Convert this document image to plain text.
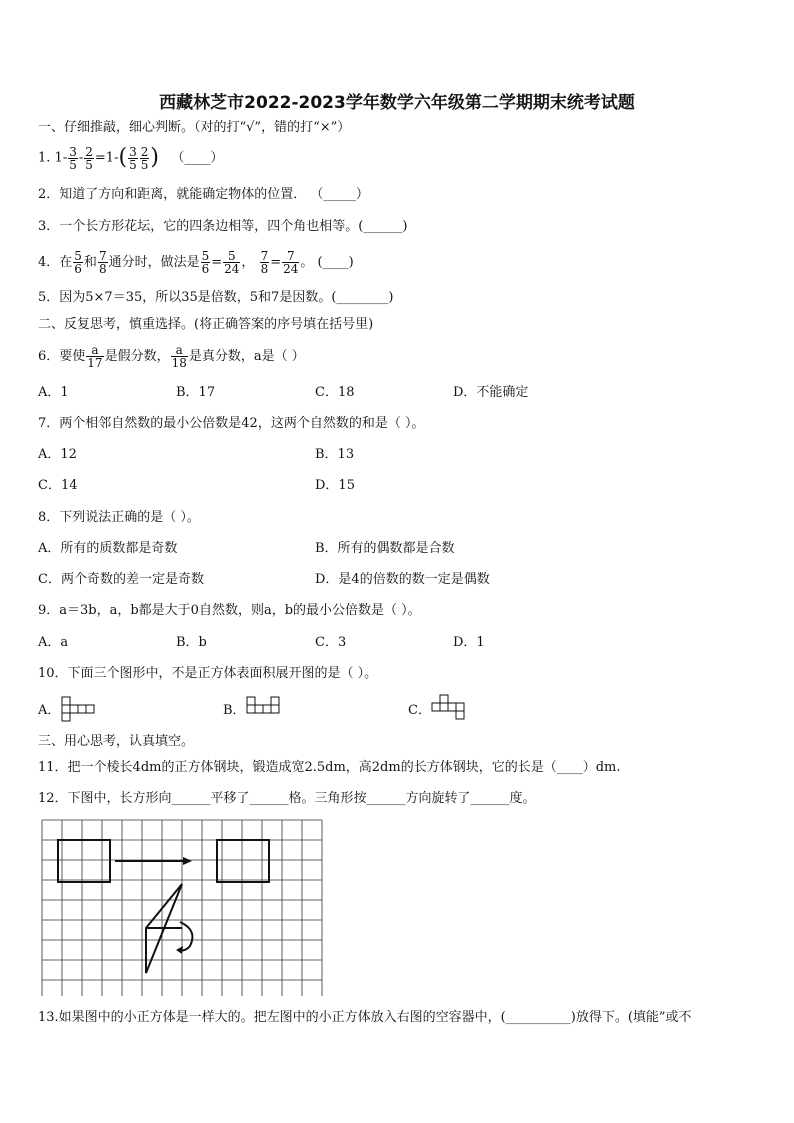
西藏林芝市2022-2023学年数学六年级第二学期期末统考试题
一、仔细推敲，细心判断。（对的打“√”，错的打“×”）
1. $1- \frac{3}{5} - \frac{2}{5} =1-( \frac{3}{5} \frac{2}{5}$ ) （____）
2．知道了方向和距离，就能确定物体的位置． （_____）
3．一个长方形花坛，它的四条边相等，四个角也相等。(______)
4．在 $\frac{5}{6}$ 和 $\frac{7}{8}$ 通分时，做法是 $\frac{5}{6} = \frac{5}{24}$ ， $\frac{7}{8} = \frac{7}{24}$ 。 (____)
5．因为5×7＝35，所以35是倍数，5和7是因数。(________)
二、反复思考，慎重选择。(将正确答案的序号填在括号里)
6．要使 $\frac{a}{17}$ 是假分数， $\frac{a}{18}$ 是真分数，a是（ ）
A．1	B．17	C．18	D．不能确定
7．两个相邻自然数的最小公倍数是42，这两个自然数的和是（ ）。
A．12	B．13
C．14	D．15
8．下列说法正确的是（ ）。
A．所有的质数都是奇数	B．所有的偶数都是合数
C．两个奇数的差一定是奇数	D．是4的倍数的数一定是偶数
9．a＝3b，a，b都是大于0自然数，则a，b的最小公倍数是（ ）。
A．a	B．b	C．3	D．1
10．下面三个图形中，不是正方体表面积展开图的是（ ）。
A．	B．	C．
三、用心思考，认真填空。
11．把一个棱长4dm的正方体钢块，锻造成宽2.5dm，高2dm的长方体钢块，它的长是（____）dm.
12．下图中，长方形向______平移了______格。三角形按______方向旋转了______度。
13.如果图中的小正方体是一样大的。把左图中的小正方体放入右图的空容器中，(__________)放得下。(填能”或不
